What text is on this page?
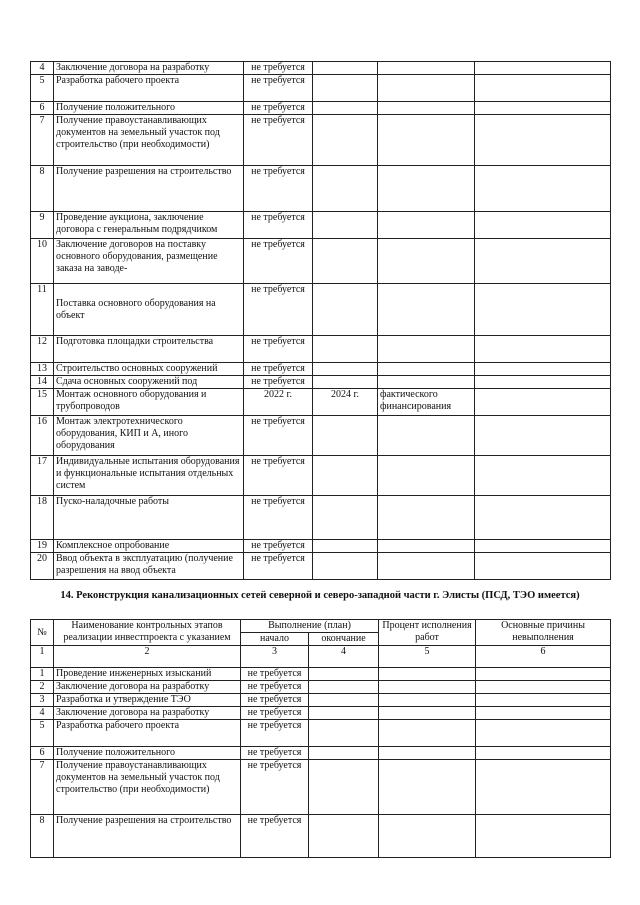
4	Заключение договора на разработку	не требуется			
5	Разработка рабочего проекта	не требуется			
6	Получение положительного	не требуется			
7	Получение правоустанавливающих документов на земельный участок под строительство (при необходимости)	не требуется			
8	Получение разрешения на строительство	не требуется			
9	Проведение аукциона, заключение договора с генеральным подрядчиком	не требуется			
10	Заключение договоров на поставку основного оборудования, размещение заказа на заводе-	не требуется			
11	Поставка основного оборудования на объект	не требуется			
12	Подготовка площадки строительства	не требуется			
13	Строительство основных сооружений	не требуется			
14	Сдача основных сооружений под	не требуется			
15	Монтаж основного оборудования и трубопроводов	2022 г.	2024 г.	фактического финансирования	
16	Монтаж электротехнического оборудования, КИП и А, иного оборудования	не требуется			
17	Индивидуальные испытания оборудования и функциональные испытания отдельных систем	не требуется			
18	Пуско-наладочные работы	не требуется			
19	Комплексное опробование	не требуется			
20	Ввод объекта в эксплуатацию (получение разрешения на ввод объекта	не требуется			
14. Реконструкция канализационных сетей северной и северо-западной части г. Элисты (ПСД, ТЭО имеется)
№	Наименование контрольных этапов реализации инвестпроекта с указанием	Выполнение (план)		Процент исполнения работ	Основные причины невыполнения
		начало	окончание		
1	2	3	4	5	6
1	Проведение инженерных изысканий	не требуется			
2	Заключение договора на разработку	не требуется			
3	Разработка и утверждение ТЭО	не требуется			
4	Заключение договора на разработку	не требуется			
5	Разработка рабочего проекта	не требуется			
6	Получение положительного	не требуется			
7	Получение правоустанавливающих документов на земельный участок под строительство (при необходимости)	не требуется			
8	Получение разрешения на строительство	не требуется			
